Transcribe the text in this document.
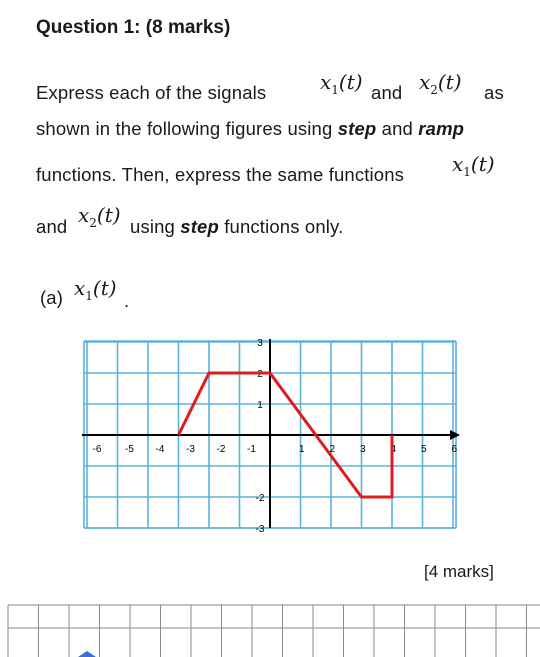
Question 1: (8 marks)
Express each of the signals	$x_1(t)$ and $x_2(t)$ as
shown in the following figures using step and ramp
functions. Then, express the same functions $x_1(t)$
and $x_2(t)$ using step functions only.
(a) $x_1(t)$
.
-6 -5 -4 -3 -2 -1	1 2 3 4 5 6
3
2
1
-2
-3
[4 marks]
